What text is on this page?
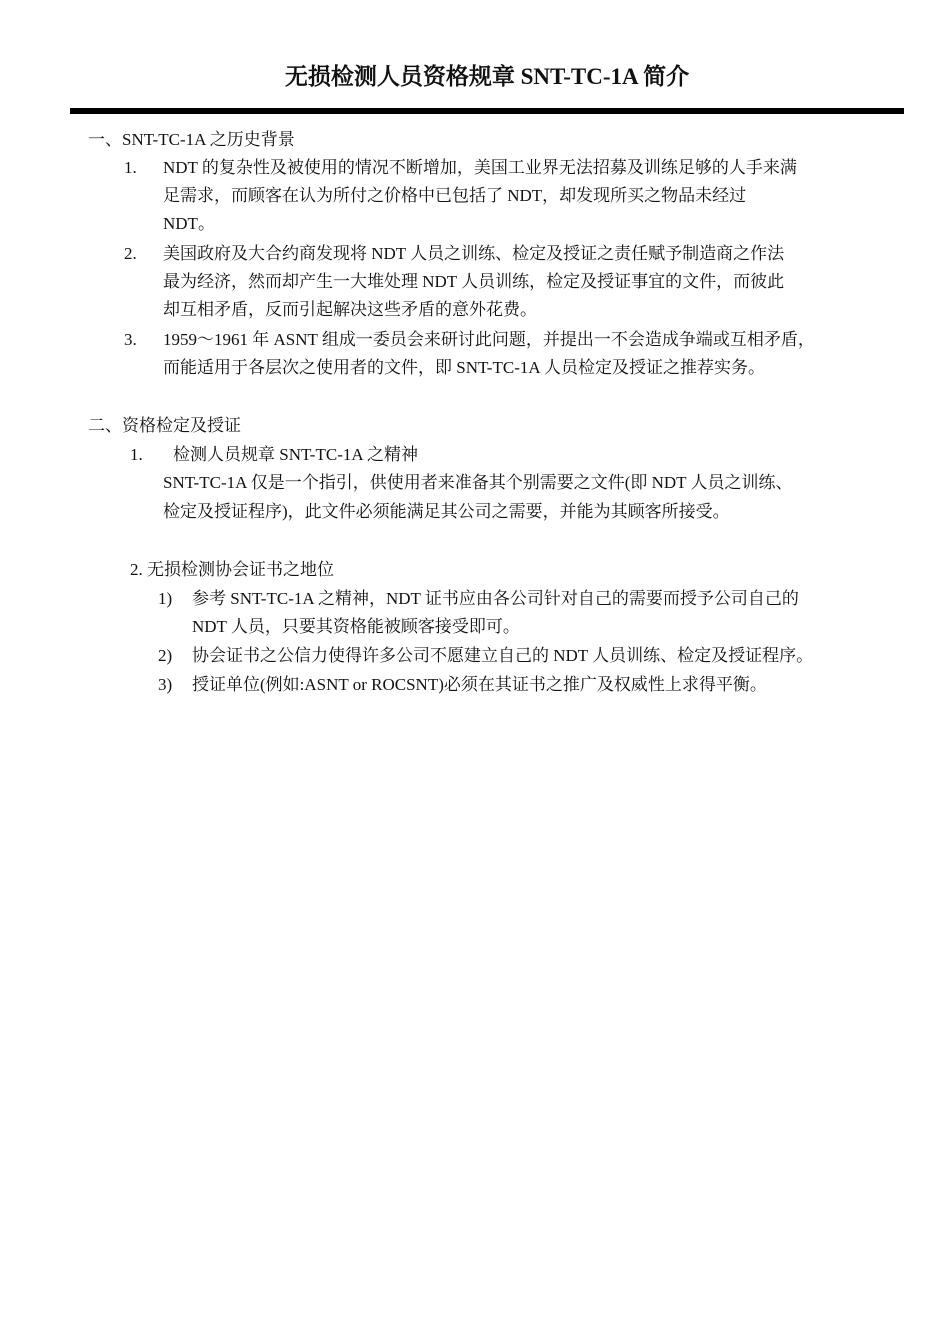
无损检测人员资格规章 SNT-TC-1A 简介
一、SNT-TC-1A 之历史背景
1. NDT 的复杂性及被使用的情况不断增加，美国工业界无法招募及训练足够的人手来满
足需求，而顾客在认为所付之价格中已包括了 NDT，却发现所买之物品未经过
NDT。
2. 美国政府及大合约商发现将 NDT 人员之训练、检定及授证之责任赋予制造商之作法
最为经济，然而却产生一大堆处理 NDT 人员训练，检定及授证事宜的文件，而彼此
却互相矛盾，反而引起解决这些矛盾的意外花费。
3. 1959～1961 年 ASNT 组成一委员会来研讨此问题，并提出一不会造成争端或互相矛盾，
而能适用于各层次之使用者的文件，即 SNT-TC-1A 人员检定及授证之推荐实务。
二、资格检定及授证
1. 检测人员规章 SNT-TC-1A 之精神
SNT-TC-1A 仅是一个指引，供使用者来准备其个别需要之文件(即 NDT 人员之训练、
检定及授证程序)，此文件必须能满足其公司之需要，并能为其顾客所接受。
2. 无损检测协会证书之地位
1) 参考 SNT-TC-1A 之精神，NDT 证书应由各公司针对自己的需要而授予公司自己的
NDT 人员，只要其资格能被顾客接受即可。
2) 协会证书之公信力使得许多公司不愿建立自己的 NDT 人员训练、检定及授证程序。
3) 授证单位(例如:ASNT or ROCSNT)必须在其证书之推广及权威性上求得平衡。
